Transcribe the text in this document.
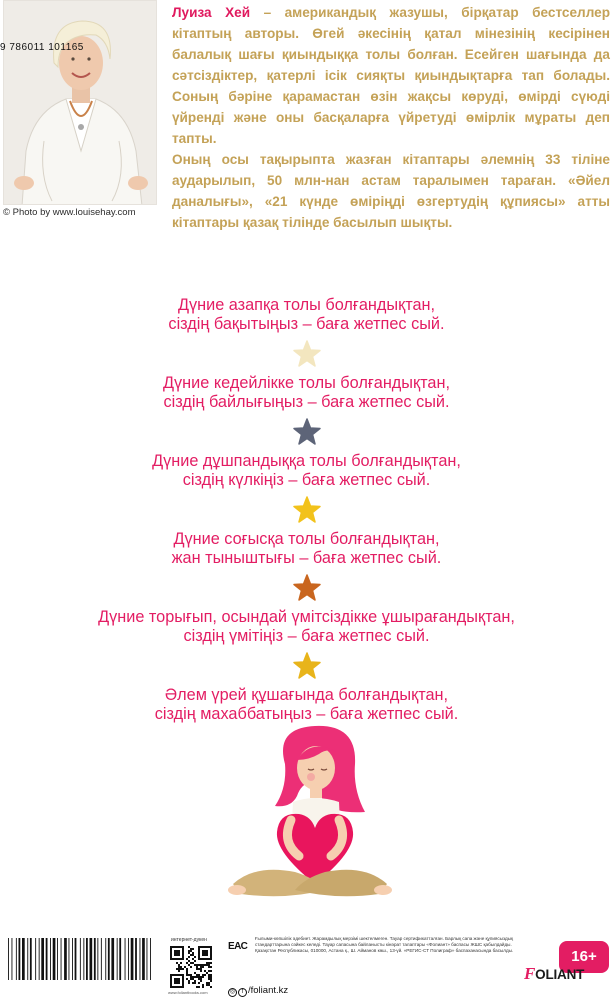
© Photo by www.louisehay.com

Луиза Хей – американдық жазушы, бірқатар бестселлер кітаптың авторы. Өгей әкесінің қатал мінезінің кесірінен балалық шағы қиындыққа толы болған. Есейген шағында да сәтсіздіктер, қатерлі ісік сияқты қиындықтарға тап болады. Соның бәріне қарамастан өзін жақсы көруді, өмірді сүюді үйренді және оны басқаларға үйретуді өмірлік мұраты деп тапты.

Оның осы тақырыпта жазған кітаптары әлемнің 33 тіліне аударылып, 50 млн-нан астам таралымен тараған. «Әйел даналығы», «21 күнде өміріңді өзгертудің құпиясы» атты кітаптары қазақ тілінде басылып шықты.

Дүние азапқа толы болғандықтан,
сіздің бақытыңыз – баға жетпес сый.
Дүние кедейлікке толы болғандықтан,
сіздің байлығыңыз – баға жетпес сый.
Дүние дұшпандыққа толы болғандықтан,
сіздің күлкіңіз – баға жетпес сый.
Дүние соғысқа толы болғандықтан,
жан тыныштығы – баға жетпес сый.
Дүние торығып, осындай үмітсіздікке ұшырағандықтан,
сіздің үмітіңіз – баға жетпес сый.
Әлем үрей құшағында болғандықтан,
сіздің махаббатыңыз – баға жетпес сый.
9 786011 101165
интернет-дүкен
www.foliantbooks.com
ЕАС
Ғылыми-көпшілік әдебиет. Жарамдылық мерзімі шектелмеген. Тауар сертификатталған. Барлық сапа және құпиясыздық стандарттарына сәйкес келеді. Тауар сапасына байланысты кінәрат талаптары «Фолиант» баспасы ЖШС қабылдайды. Қазақстан Республикасы, 010000, Астана қ., Ш. Айманов көш., 13-үй. «РЕГИС-СТ Полиграф» баспаханасында басылды.
◎ f /foliant.kz
16+
FOLIANT
